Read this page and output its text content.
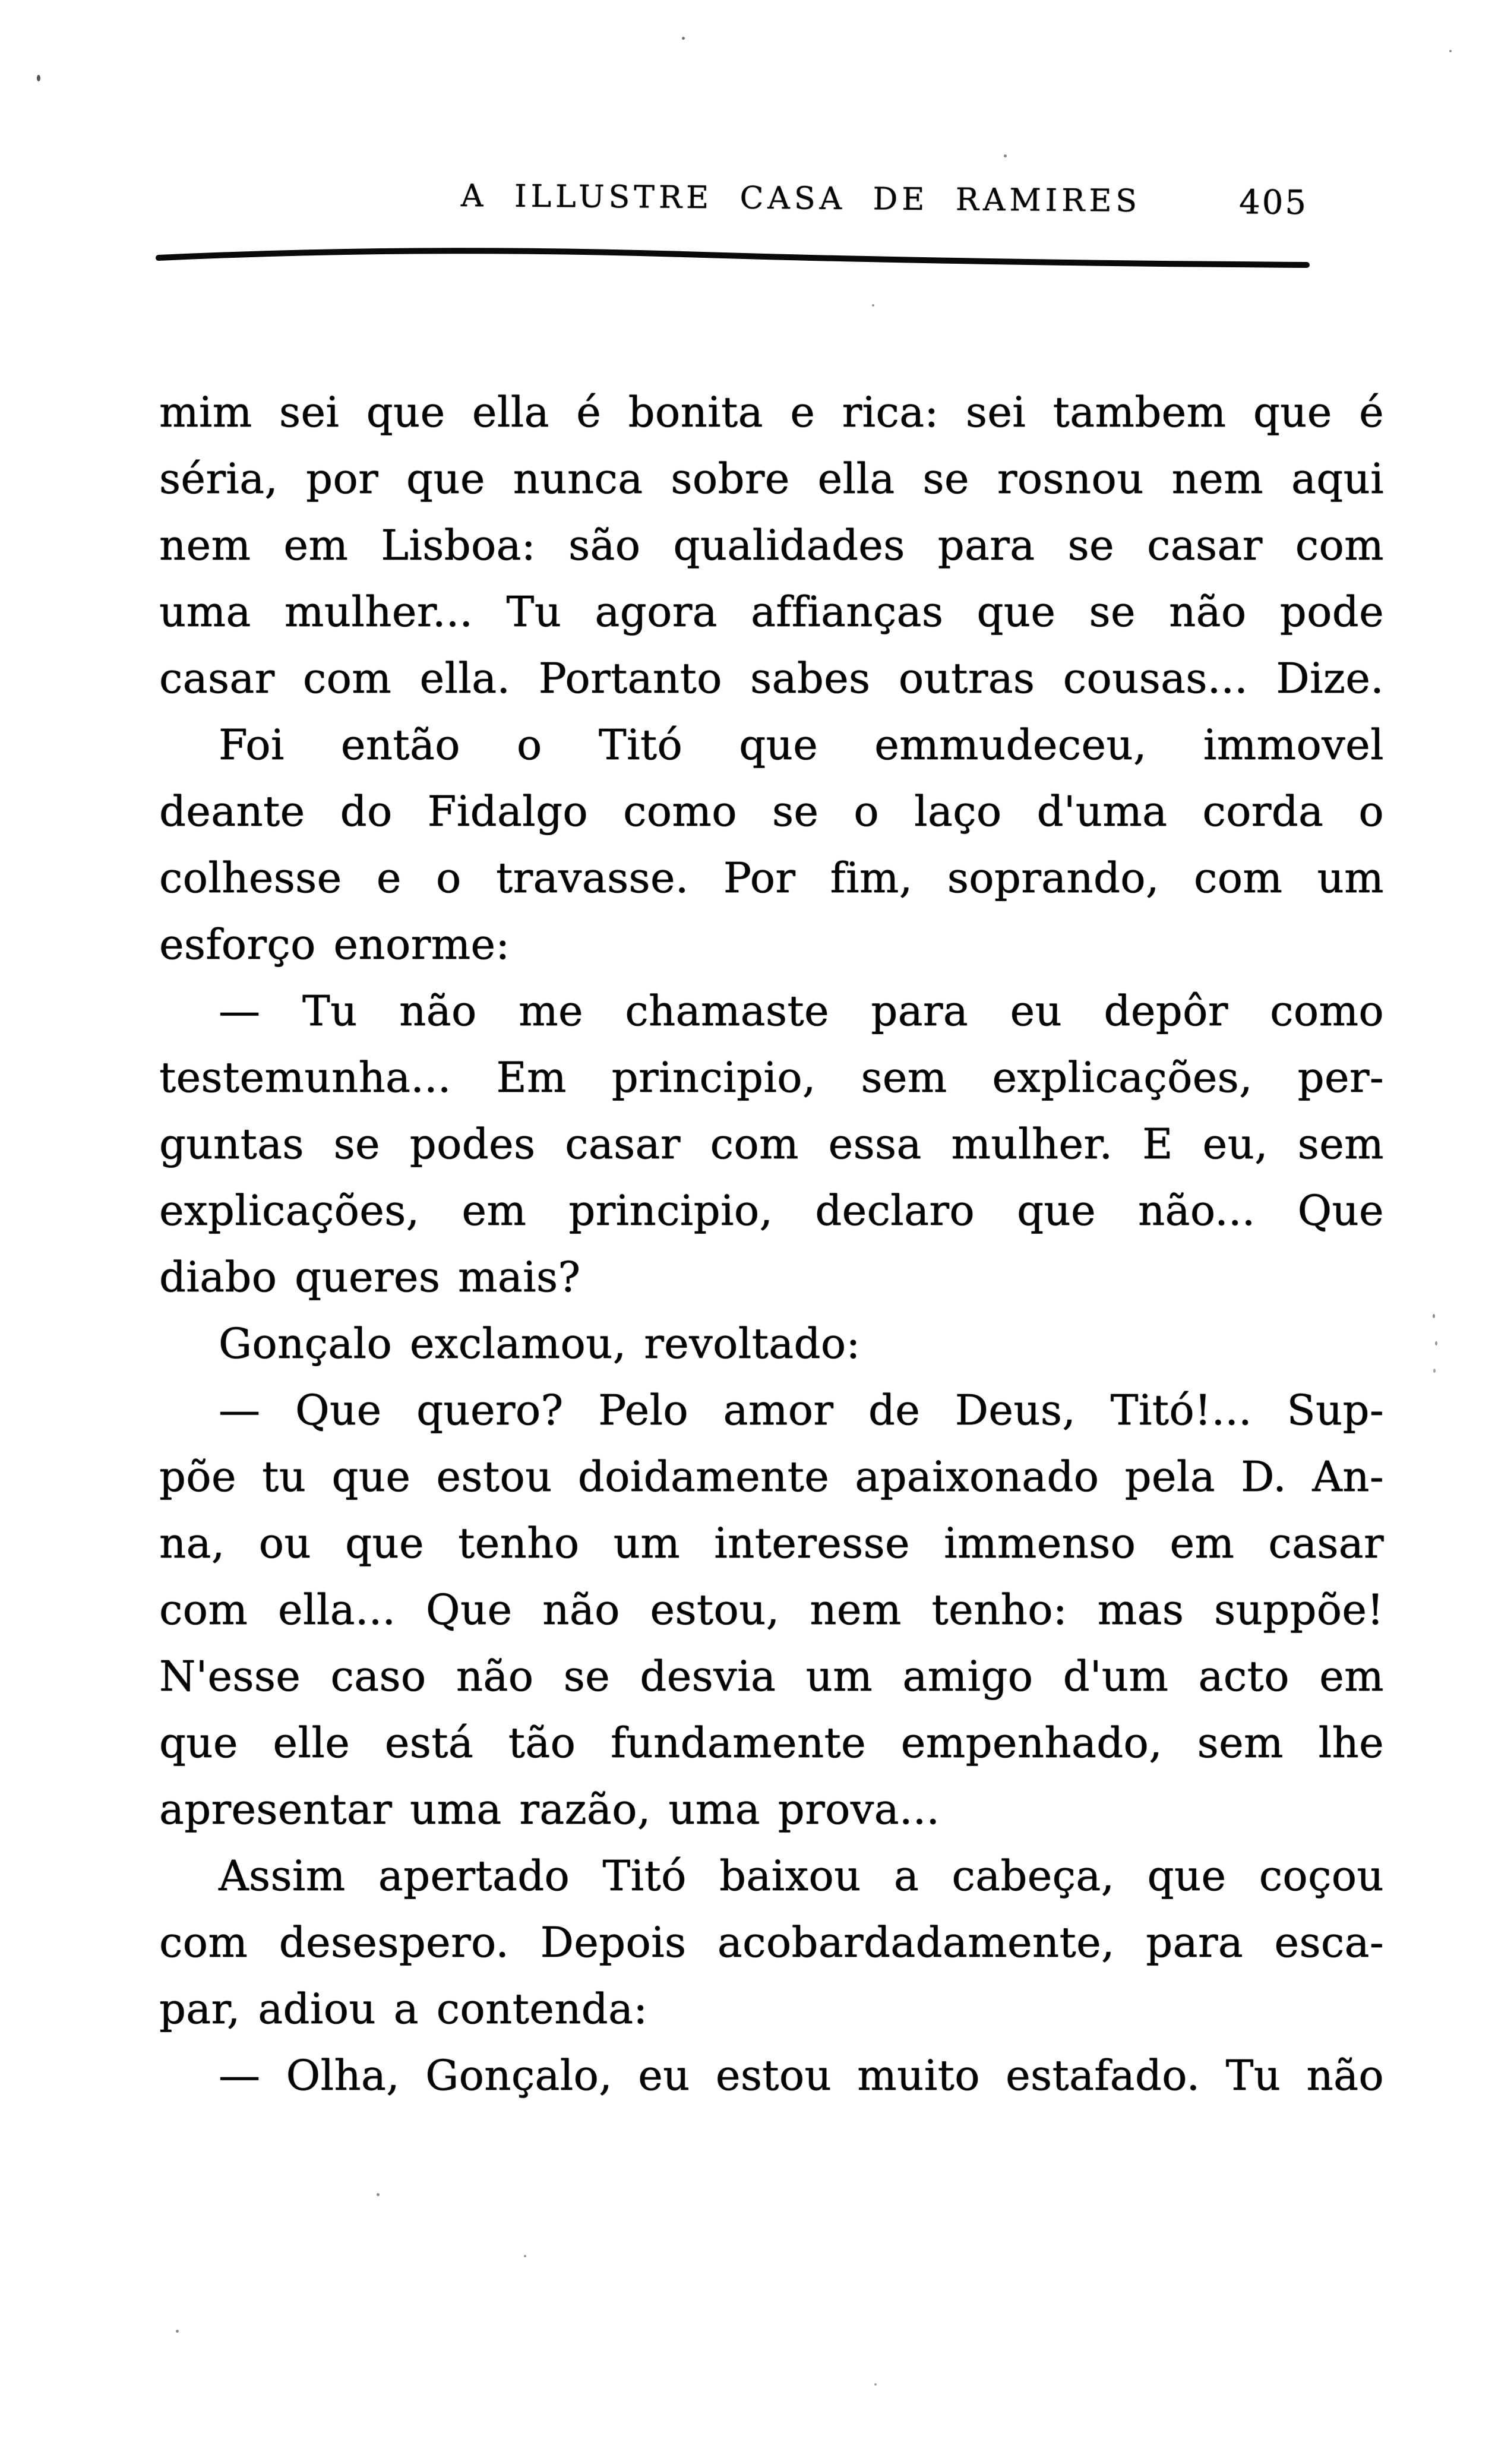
A ILLUSTRE CASA DE RAMIRES	405
mim sei que ella é bonita e rica: sei tambem que é
séria, por que nunca sobre ella se rosnou nem aqui
nem em Lisboa: são qualidades para se casar com
uma mulher... Tu agora affianças que se não pode
casar com ella. Portanto sabes outras cousas... Dize.
Foi então o Titó que emmudeceu, immovel
deante do Fidalgo como se o laço d'uma corda o
colhesse e o travasse. Por fim, soprando, com um
esforço enorme:
— Tu não me chamaste para eu depôr como
testemunha... Em principio, sem explicações, per-
guntas se podes casar com essa mulher. E eu, sem
explicações, em principio, declaro que não... Que
diabo queres mais?
Gonçalo exclamou, revoltado:
— Que quero? Pelo amor de Deus, Titó!... Sup-
põe tu que estou doidamente apaixonado pela D. An-
na, ou que tenho um interesse immenso em casar
com ella... Que não estou, nem tenho: mas suppõe!
N'esse caso não se desvia um amigo d'um acto em
que elle está tão fundamente empenhado, sem lhe
apresentar uma razão, uma prova...
Assim apertado Titó baixou a cabeça, que coçou
com desespero. Depois acobardadamente, para esca-
par, adiou a contenda:
— Olha, Gonçalo, eu estou muito estafado. Tu não
